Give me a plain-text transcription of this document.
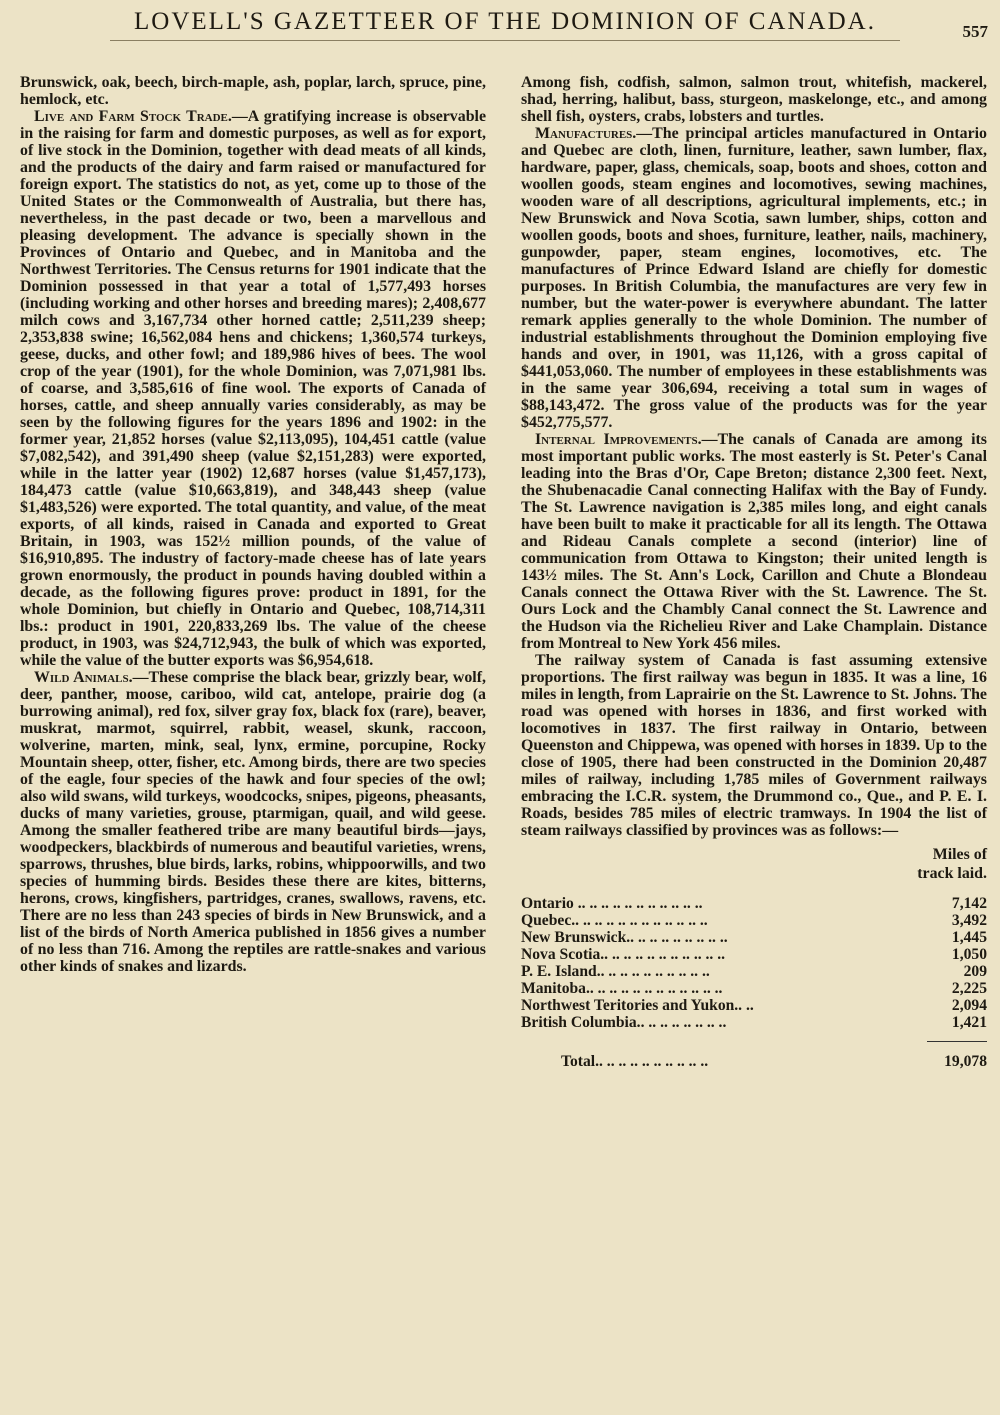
LOVELL'S GAZETTEER OF THE DOMINION OF CANADA.	557

Brunswick, oak, beech, birch-maple, ash, poplar, larch, spruce, pine, hemlock, etc.

Live and Farm Stock Trade.—A gratifying increase is observable in the raising for farm and domestic purposes, as well as for export, of live stock in the Dominion, together with dead meats of all kinds, and the products of the dairy and farm raised or manufactured for foreign export. The statistics do not, as yet, come up to those of the United States or the Commonwealth of Australia, but there has, nevertheless, in the past decade or two, been a marvellous and pleasing development. The advance is specially shown in the Provinces of Ontario and Quebec, and in Manitoba and the Northwest Territories. The Census returns for 1901 indicate that the Dominion possessed in that year a total of 1,577,493 horses (including working and other horses and breeding mares); 2,408,677 milch cows and 3,167,734 other horned cattle; 2,511,239 sheep; 2,353,838 swine; 16,562,084 hens and chickens; 1,360,574 turkeys, geese, ducks, and other fowl; and 189,986 hives of bees. The wool crop of the year (1901), for the whole Dominion, was 7,071,981 lbs. of coarse, and 3,585,616 of fine wool. The exports of Canada of horses, cattle, and sheep annually varies considerably, as may be seen by the following figures for the years 1896 and 1902: in the former year, 21,852 horses (value $2,113,095), 104,451 cattle (value $7,082,542), and 391,490 sheep (value $2,151,283) were exported, while in the latter year (1902) 12,687 horses (value $1,457,173), 184,473 cattle (value $10,663,819), and 348,443 sheep (value $1,483,526) were exported. The total quantity, and value, of the meat exports, of all kinds, raised in Canada and exported to Great Britain, in 1903, was 152½ million pounds, of the value of $16,910,895. The industry of factory-made cheese has of late years grown enormously, the product in pounds having doubled within a decade, as the following figures prove: product in 1891, for the whole Dominion, but chiefly in Ontario and Quebec, 108,714,311 lbs.: product in 1901, 220,833,269 lbs. The value of the cheese product, in 1903, was $24,712,943, the bulk of which was exported, while the value of the butter exports was $6,954,618.

Wild Animals.—These comprise the black bear, grizzly bear, wolf, deer, panther, moose, cariboo, wild cat, antelope, prairie dog (a burrowing animal), red fox, silver gray fox, black fox (rare), beaver, muskrat, marmot, squirrel, rabbit, weasel, skunk, raccoon, wolverine, marten, mink, seal, lynx, ermine, porcupine, Rocky Mountain sheep, otter, fisher, etc. Among birds, there are two species of the eagle, four species of the hawk and four species of the owl; also wild swans, wild turkeys, woodcocks, snipes, pigeons, pheasants, ducks of many varieties, grouse, ptarmigan, quail, and wild geese. Among the smaller feathered tribe are many beautiful birds—jays, woodpeckers, blackbirds of numerous and beautiful varieties, wrens, sparrows, thrushes, blue birds, larks, robins, whippoorwills, and two species of humming birds. Besides these there are kites, bitterns, herons, crows, kingfishers, partridges, cranes, swallows, ravens, etc. There are no less than 243 species of birds in New Brunswick, and a list of the birds of North America published in 1856 gives a number of no less than 716. Among the reptiles are rattle-snakes and various other kinds of snakes and lizards.

Among fish, codfish, salmon, salmon trout, whitefish, mackerel, shad, herring, halibut, bass, sturgeon, maskelonge, etc., and among shell fish, oysters, crabs, lobsters and turtles.

Manufactures.—The principal articles manufactured in Ontario and Quebec are cloth, linen, furniture, leather, sawn lumber, flax, hardware, paper, glass, chemicals, soap, boots and shoes, cotton and woollen goods, steam engines and locomotives, sewing machines, wooden ware of all descriptions, agricultural implements, etc.; in New Brunswick and Nova Scotia, sawn lumber, ships, cotton and woollen goods, boots and shoes, furniture, leather, nails, machinery, gunpowder, paper, steam engines, locomotives, etc. The manufactures of Prince Edward Island are chiefly for domestic purposes. In British Columbia, the manufactures are very few in number, but the water-power is everywhere abundant. The latter remark applies generally to the whole Dominion. The number of industrial establishments throughout the Dominion employing five hands and over, in 1901, was 11,126, with a gross capital of $441,053,060. The number of employees in these establishments was in the same year 306,694, receiving a total sum in wages of $88,143,472. The gross value of the products was for the year $452,775,577.

Internal Improvements.—The canals of Canada are among its most important public works. The most easterly is St. Peter's Canal leading into the Bras d'Or, Cape Breton; distance 2,300 feet. Next, the Shubenacadie Canal connecting Halifax with the Bay of Fundy. The St. Lawrence navigation is 2,385 miles long, and eight canals have been built to make it practicable for all its length. The Ottawa and Rideau Canals complete a second (interior) line of communication from Ottawa to Kingston; their united length is 143½ miles. The St. Ann's Lock, Carillon and Chute a Blondeau Canals connect the Ottawa River with the St. Lawrence. The St. Ours Lock and the Chambly Canal connect the St. Lawrence and the Hudson via the Richelieu River and Lake Champlain. Distance from Montreal to New York 456 miles.

The railway system of Canada is fast assuming extensive proportions. The first railway was begun in 1835. It was a line, 16 miles in length, from Laprairie on the St. Lawrence to St. Johns. The road was opened with horses in 1836, and first worked with locomotives in 1837. The first railway in Ontario, between Queenston and Chippewa, was opened with horses in 1839. Up to the close of 1905, there had been constructed in the Dominion 20,487 miles of railway, including 1,785 miles of Government railways embracing the I.C.R. system, the Drummond co., Que., and P. E. I. Roads, besides 785 miles of electric tramways. In 1904 the list of steam railways classified by provinces was as follows:—

Miles of
track laid.
Ontario .. .. .. .. .. .. .. .. .. .. ..	7,142
Quebec.. .. .. .. .. .. .. .. .. .. .. ..	3,492
New Brunswick.. .. .. .. .. .. .. .. ..	1,445
Nova Scotia.. .. .. .. .. .. .. .. .. .. ..	1,050
P. E. Island.. .. .. .. .. .. .. .. .. ..	209
Manitoba.. .. .. .. .. .. .. .. .. .. .. ..	2,225
Northwest Teritories and Yukon.. ..	2,094
British Columbia.. .. .. .. .. .. .. ..	1,421

Total.. .. .. .. .. .. .. .. .. ..	19,078
